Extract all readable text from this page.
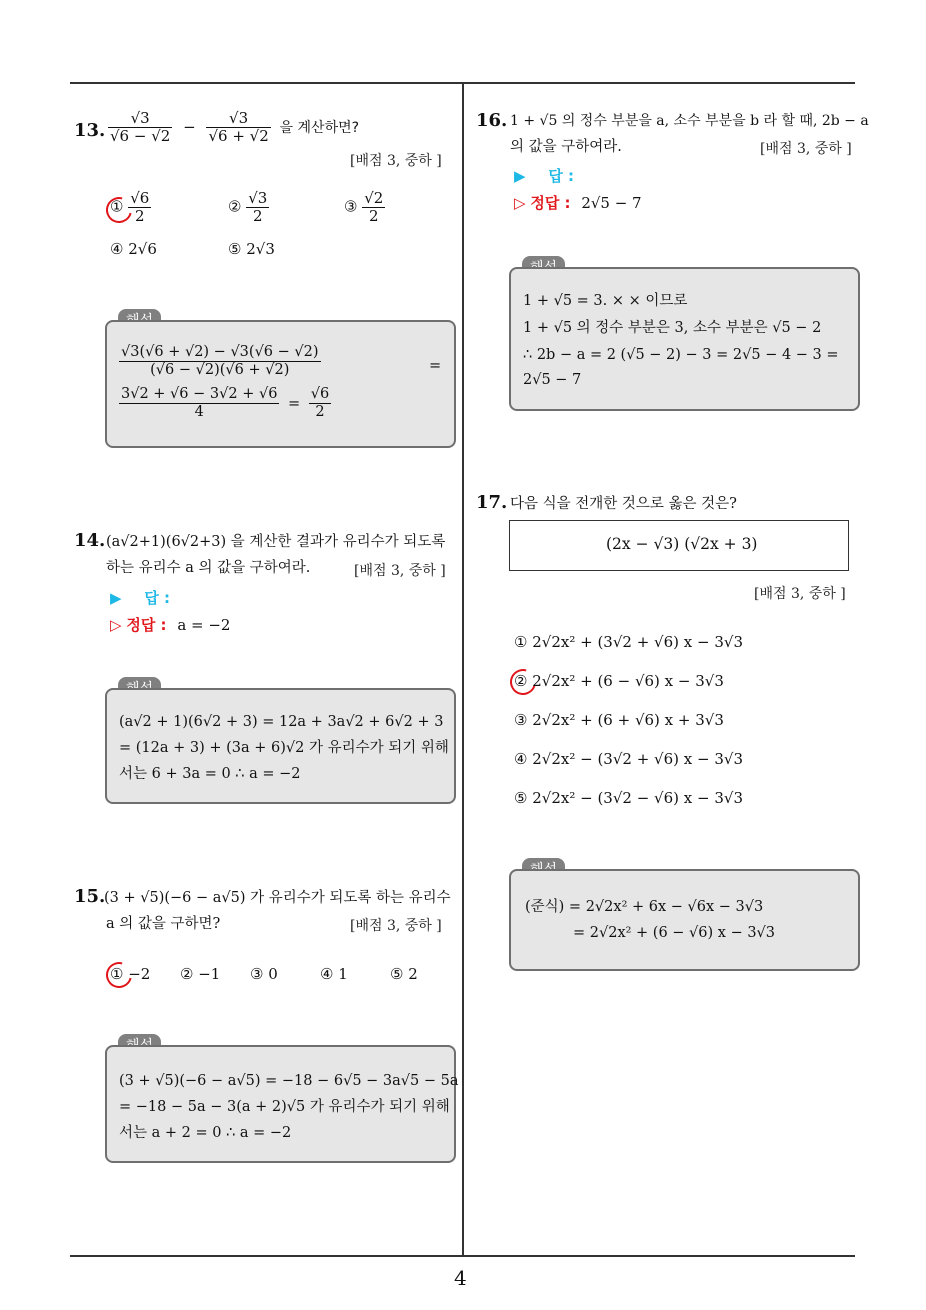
4
13. $\frac{√3}{√6 - √2} - \frac{√3}{√6 + √2}$ 을 계산하면?
[배점 3, 중하 ]
① $\frac{√6}{2}$	② $\frac{√3}{2}$	③ $\frac{√2}{2}$
④ 2√6	⑤ 2√3
$\frac{√3(√6 + √2) - √3(√6 - √2)}{(√6 - √2)(√6 + √2)}$	=
$\frac{3√2 + √6 - 3√2 + √6}{4} = \frac{√6}{2}$
14. (a√2+1)(6√2+3) 을 계산한 결과가 유리수가 되도록
하는 유리수 a 의 값을 구하여라.	[배점 3, 중하 ]
▶ 답 :
▷ 정답 : a = −2
(a√2 + 1)(6√2 + 3) = 12a + 3a√2 + 6√2 + 3
= (12a + 3) + (3a + 6)√2 가 유리수가 되기 위해
서는 6 + 3a = 0 ∴ a = −2
15.
(3 + √5)(−6 − a√5) 가 유리수가 되도록 하는 유리수
a 의 값을 구하면?	[배점 3, 중하 ]
① −2 ② −1 ③ 0	④ 1	⑤ 2
(3 + √5)(−6 − a√5) = −18 − 6√5 − 3a√5 − 5a
= −18 − 5a − 3(a + 2)√5 가 유리수가 되기 위해
서는 a + 2 = 0 ∴ a = −2
16. 1 + √5 의 정수 부분을 a, 소수 부분을 b 라 할 때, 2b − a
의 값을 구하여라.	[배점 3, 중하 ]
▶ 답 :
▷ 정답 : 2√5 − 7
1 + √5 = 3. × × 이므로
1 + √5 의 정수 부분은 3, 소수 부분은 √5 − 2
∴ 2b − a = 2 (√5 − 2) − 3 = 2√5 − 4 − 3 =
2√5 − 7
17. 다음 식을 전개한 것으로 옳은 것은?
(2x − √3) (√2x + 3)
[배점 3, 중하 ]
① 2√2x² + (3√2 + √6) x − 3√3
② 2√2x² + (6 − √6) x − 3√3
③ 2√2x² + (6 + √6) x + 3√3
④ 2√2x² − (3√2 + √6) x − 3√3
⑤ 2√2x² − (3√2 − √6) x − 3√3
(준식) = 2√2x² + 6x − √6x − 3√3
= 2√2x² + (6 − √6) x − 3√3
